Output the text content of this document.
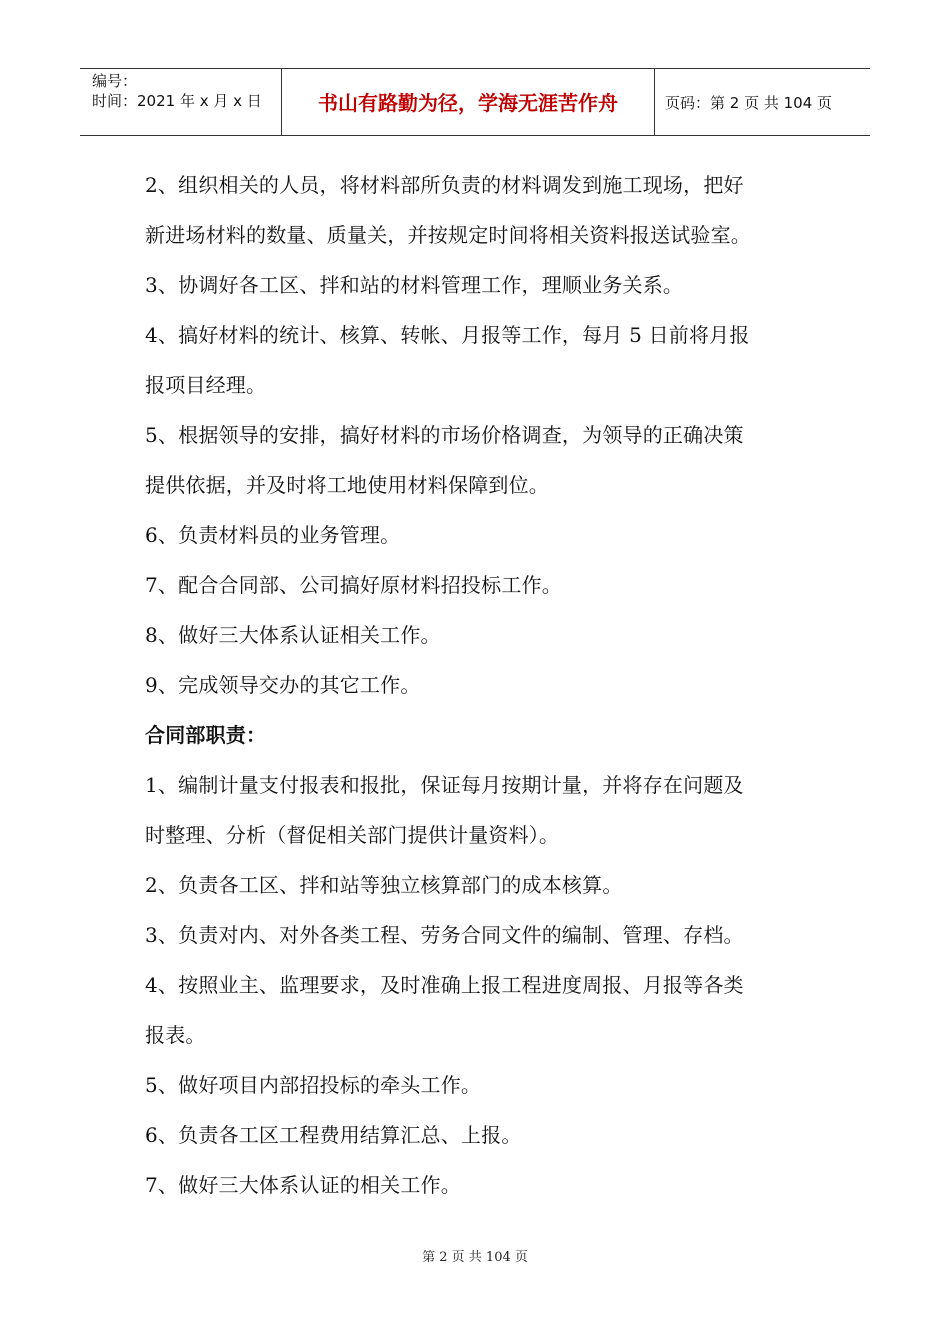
编号：
时间：2021 年 x 月 x 日	书山有路勤为径，学海无涯苦作舟	页码：第 2 页 共 104 页
2、组织相关的人员，将材料部所负责的材料调发到施工现场，把好
新进场材料的数量、质量关，并按规定时间将相关资料报送试验室。
3、协调好各工区、拌和站的材料管理工作，理顺业务关系。
4、搞好材料的统计、核算、转帐、月报等工作，每月 5 日前将月报
报项目经理。
5、根据领导的安排，搞好材料的市场价格调查，为领导的正确决策
提供依据，并及时将工地使用材料保障到位。
6、负责材料员的业务管理。
7、配合合同部、公司搞好原材料招投标工作。
8、做好三大体系认证相关工作。
9、完成领导交办的其它工作。
合同部职责：
1、编制计量支付报表和报批，保证每月按期计量，并将存在问题及
时整理、分析（督促相关部门提供计量资料）。
2、负责各工区、拌和站等独立核算部门的成本核算。
3、负责对内、对外各类工程、劳务合同文件的编制、管理、存档。
4、按照业主、监理要求，及时准确上报工程进度周报、月报等各类
报表。
5、做好项目内部招投标的牵头工作。
6、负责各工区工程费用结算汇总、上报。
7、做好三大体系认证的相关工作。
第 2 页 共 104 页
